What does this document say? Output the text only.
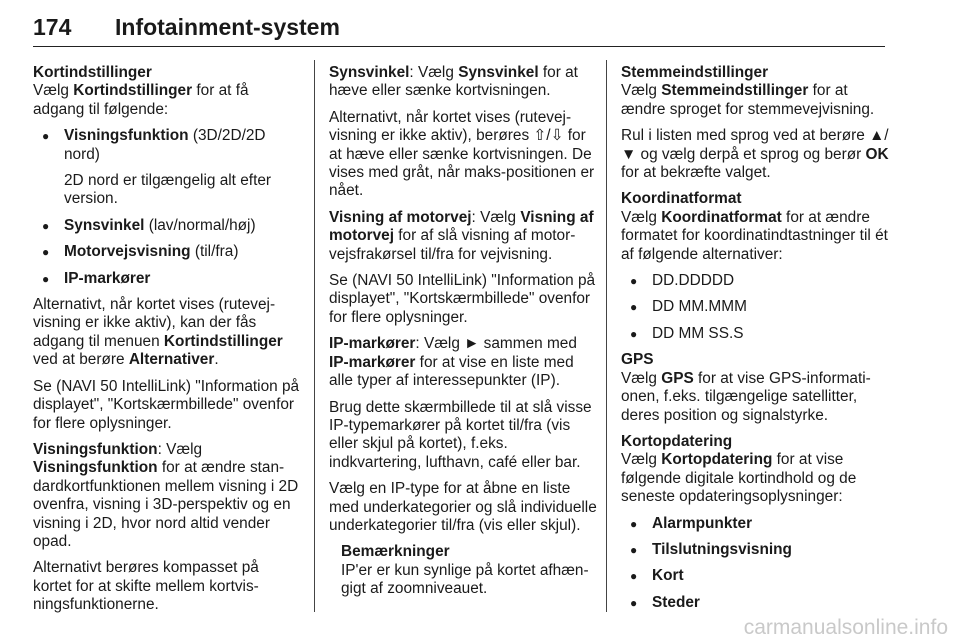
174 Infotainment-system

Kortindstillinger

Vælg Kortindstillinger for at få adgang til følgende:

● Visningsfunktion (3D/2D/2D nord)

2D nord er tilgængelig alt efter version.

● Synsvinkel (lav/normal/høj)
● Motorvejsvisning (til/fra)
● IP-markører

Alternativt, når kortet vises (rutevejvisning er ikke aktiv), kan der fås adgang til menuen Kortindstillinger ved at berøre Alternativer.

Se (NAVI 50 IntelliLink) "Information på displayet", "Kortskærmbillede" ovenfor for flere oplysninger.

Visningsfunktion: Vælg
Visningsfunktion for at ændre standardkortfunktionen mellem visning i 2D ovenfra, visning i 3D-perspektiv og en visning i 2D, hvor nord altid vender opad.

Alternativt berøres kompasset på kortet for at skifte mellem kortvisningsfunktionerne.

Synsvinkel: Vælg Synsvinkel for at hæve eller sænke kortvisningen.

Alternativt, når kortet vises (rutevejvisning er ikke aktiv), berøres ⇧/⇩ for at hæve eller sænke kortvisningen. De vises med gråt, når maks-positionen er nået.

Visning af motorvej: Vælg Visning af motorvej for af slå visning af motorvejsfrakørsel til/fra for vejvisning.

Se (NAVI 50 IntelliLink) "Information på displayet", "Kortskærmbillede" ovenfor for flere oplysninger.

IP-markører: Vælg ► sammen med IP-markører for at vise en liste med alle typer af interessepunkter (IP).

Brug dette skærmbillede til at slå visse IP-typemarkører på kortet til/fra (vis eller skjul på kortet), f.eks. indkvartering, lufthavn, café eller bar.

Vælg en IP-type for at åbne en liste med underkategorier og slå individuelle underkategorier til/fra (vis eller skjul).

Bemærkninger

IP'er er kun synlige på kortet afhængigt af zoomniveauet.

Stemmeindstillinger

Vælg Stemmeindstillinger for at ændre sproget for stemmevejvisning.

Rul i listen med sprog ved at berøre ▲/▼ og vælg derpå et sprog og berør OK for at bekræfte valget.

Koordinatformat

Vælg Koordinatformat for at ændre formatet for koordinatindtastninger til ét af følgende alternativer:

● DD.DDDDD
● DD MM.MMM
● DD MM SS.S

GPS

Vælg GPS for at vise GPS-informationen, f.eks. tilgængelige satellitter, deres position og signalstyrke.

Kortopdatering

Vælg Kortopdatering for at vise følgende digitale kortindhold og de seneste opdateringsoplysninger:

● Alarmpunkter
● Tilslutningsvisning
● Kort
● Steder
carmanualsonline.info
